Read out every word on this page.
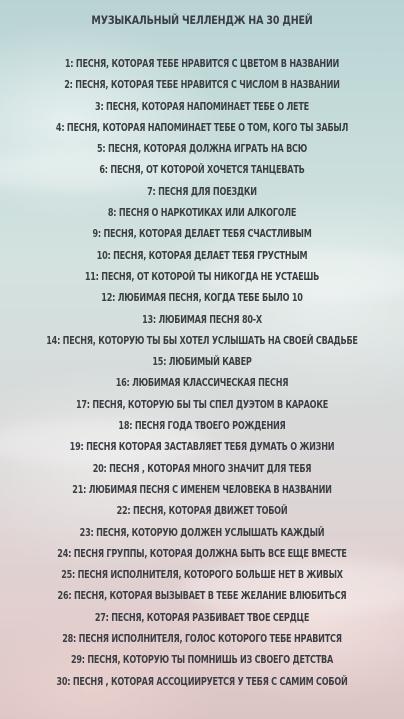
МУЗЫКАЛЬНЫЙ ЧЕЛЛЕНДЖ НА 30 ДНЕЙ
1: ПЕСНЯ, КОТОРАЯ ТЕБЕ НРАВИТСЯ С ЦВЕТОМ В НАЗВАНИИ
2: ПЕСНЯ, КОТОРАЯ ТЕБЕ НРАВИТСЯ С ЧИСЛОМ В НАЗВАНИИ
3: ПЕСНЯ, КОТОРАЯ НАПОМИНАЕТ ТЕБЕ О ЛЕТЕ
4: ПЕСНЯ, КОТОРАЯ НАПОМИНАЕТ ТЕБЕ О ТОМ, КОГО ТЫ ЗАБЫЛ
5: ПЕСНЯ, КОТОРАЯ ДОЛЖНА ИГРАТЬ НА ВСЮ
6: ПЕСНЯ, ОТ КОТОРОЙ ХОЧЕТСЯ ТАНЦЕВАТЬ
7: ПЕСНЯ ДЛЯ ПОЕЗДКИ
8: ПЕСНЯ О НАРКОТИКАХ ИЛИ АЛКОГОЛЕ
9: ПЕСНЯ, КОТОРАЯ ДЕЛАЕТ ТЕБЯ СЧАСТЛИВЫМ
10: ПЕСНЯ, КОТОРАЯ ДЕЛАЕТ ТЕБЯ ГРУСТНЫМ
11: ПЕСНЯ, ОТ КОТОРОЙ ТЫ НИКОГДА НЕ УСТАЕШЬ
12: ЛЮБИМАЯ ПЕСНЯ, КОГДА ТЕБЕ БЫЛО 10
13: ЛЮБИМАЯ ПЕСНЯ 80-Х
14: ПЕСНЯ, КОТОРУЮ ТЫ БЫ ХОТЕЛ УСЛЫШАТЬ НА СВОЕЙ СВАДЬБЕ
15: ЛЮБИМЫЙ КАВЕР
16: ЛЮБИМАЯ КЛАССИЧЕСКАЯ ПЕСНЯ
17: ПЕСНЯ, КОТОРУЮ БЫ ТЫ СПЕЛ ДУЭТОМ В КАРАОКЕ
18: ПЕСНЯ ГОДА ТВОЕГО РОЖДЕНИЯ
19: ПЕСНЯ КОТОРАЯ ЗАСТАВЛЯЕТ ТЕБЯ ДУМАТЬ О ЖИЗНИ
20: ПЕСНЯ , КОТОРАЯ МНОГО ЗНАЧИТ ДЛЯ ТЕБЯ
21: ЛЮБИМАЯ ПЕСНЯ С ИМЕНЕМ ЧЕЛОВЕКА В НАЗВАНИИ
22: ПЕСНЯ, КОТОРАЯ ДВИЖЕТ ТОБОЙ
23: ПЕСНЯ, КОТОРУЮ ДОЛЖЕН УСЛЫШАТЬ КАЖДЫЙ
24: ПЕСНЯ ГРУППЫ, КОТОРАЯ ДОЛЖНА БЫТЬ ВСЕ ЕЩЕ ВМЕСТЕ
25: ПЕСНЯ ИСПОЛНИТЕЛЯ, КОТОРОГО БОЛЬШЕ НЕТ В ЖИВЫХ
26: ПЕСНЯ, КОТОРАЯ ВЫЗЫВАЕТ В ТЕБЕ ЖЕЛАНИЕ ВЛЮБИТЬСЯ
27: ПЕСНЯ, КОТОРАЯ РАЗБИВАЕТ ТВОЕ СЕРДЦЕ
28: ПЕСНЯ ИСПОЛНИТЕЛЯ, ГОЛОС КОТОРОГО ТЕБЕ НРАВИТСЯ
29: ПЕСНЯ, КОТОРУЮ ТЫ ПОМНИШЬ ИЗ СВОЕГО ДЕТСТВА
30: ПЕСНЯ , КОТОРАЯ АССОЦИИРУЕТСЯ У ТЕБЯ С САМИМ СОБОЙ
